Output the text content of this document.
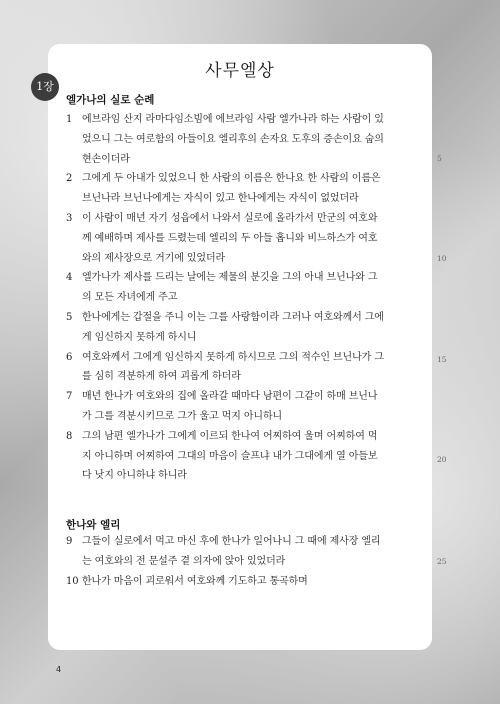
사무엘상
1장
엘가나의 실로 순례
1 에브라임 산지 라마다임소빔에 에브라임 사람 엘가나라 하는 사람이 있
었으니 그는 여로함의 아들이요 엘리후의 손자요 도후의 증손이요 숩의
현손이더라
2 그에게 두 아내가 있었으니 한 사람의 이름은 한나요 한 사람의 이름은
브닌나라 브닌나에게는 자식이 있고 한나에게는 자식이 없었더라
3 이 사람이 매년 자기 성읍에서 나와서 실로에 올라가서 만군의 여호와
께 예배하며 제사를 드렸는데 엘리의 두 아들 홉니와 비느하스가 여호
와의 제사장으로 거기에 있었더라
4 엘가나가 제사를 드리는 날에는 제물의 분깃을 그의 아내 브닌나와 그
의 모든 자녀에게 주고
5 한나에게는 갑절을 주니 이는 그를 사랑함이라 그러나 여호와께서 그에
게 임신하지 못하게 하시니
6 여호와께서 그에게 임신하지 못하게 하시므로 그의 적수인 브닌나가 그
를 심히 격분하게 하여 괴롭게 하더라
7 매년 한나가 여호와의 집에 올라갈 때마다 남편이 그같이 하매 브닌나
가 그를 격분시키므로 그가 울고 먹지 아니하니
8 그의 남편 엘가나가 그에게 이르되 한나여 어찌하여 울며 어찌하여 먹
지 아니하며 어찌하여 그대의 마음이 슬프냐 내가 그대에게 열 아들보
다 낫지 아니하냐 하니라
한나와 엘리
9 그들이 실로에서 먹고 마신 후에 한나가 일어나니 그 때에 제사장 엘리
는 여호와의 전 문설주 곁 의자에 앉아 있었더라
10 한나가 마음이 괴로워서 여호와께 기도하고 통곡하며
5
10
15
20
25
4
